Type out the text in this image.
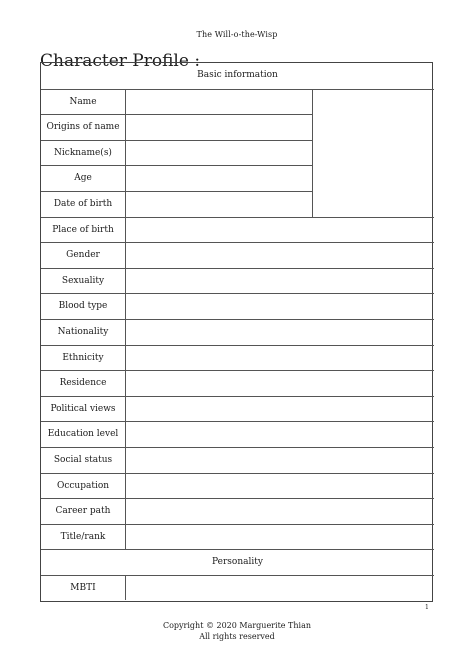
The Will-o-the-Wisp
Character Profile :
Basic information
Name
Origins of name
Nickname(s)
Age
Date of birth
Place of birth
Gender
Sexuality
Blood type
Nationality
Ethnicity
Residence
Political views
Education level
Social status
Occupation
Career path
Title/rank
Personality
MBTI
1
Copyright © 2020 Marguerite Thian
All rights reserved
